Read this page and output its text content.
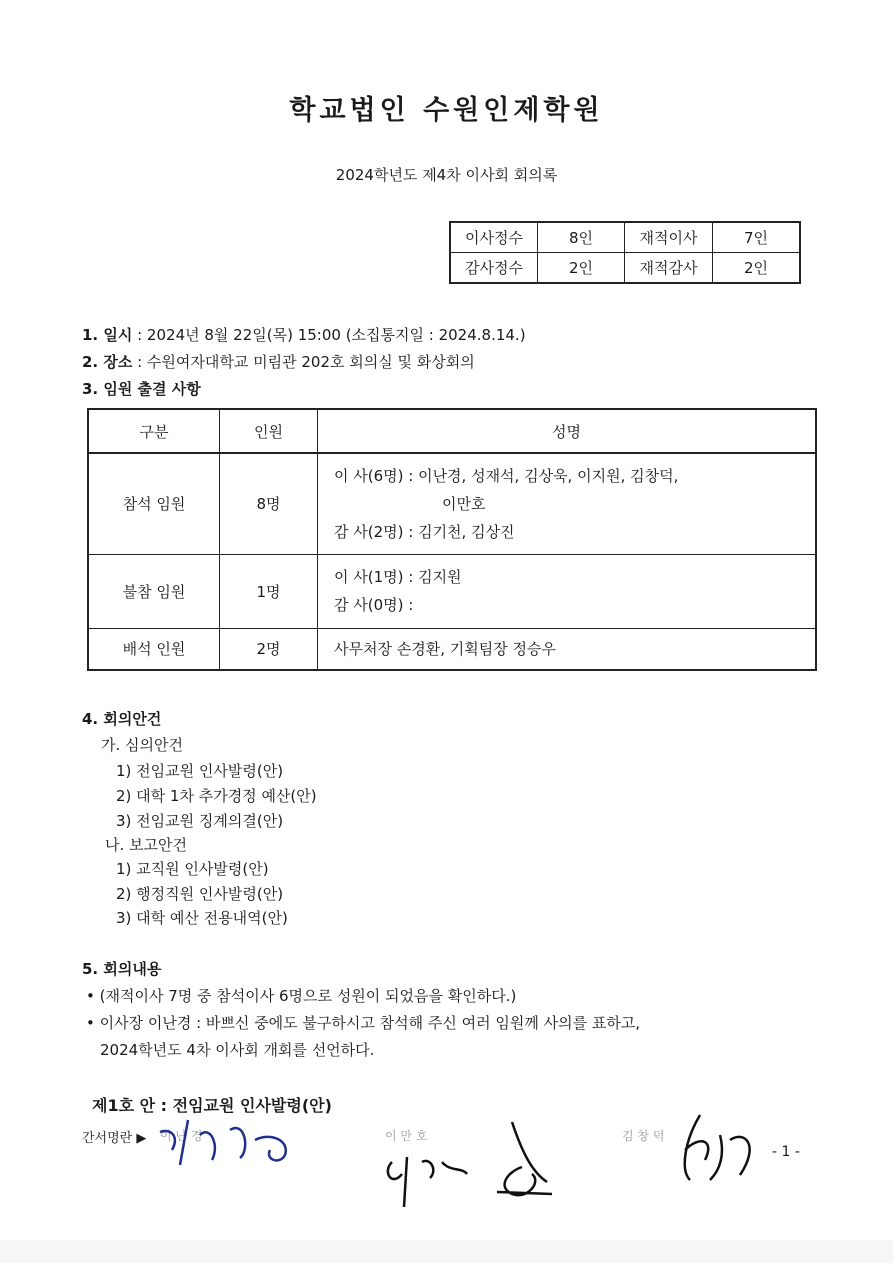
학교법인 수원인제학원
2024학년도 제4차 이사회 회의록
이사정수	8인	재적이사	7인
감사정수	2인	재적감사	2인
1. 일시 : 2024년 8월 22일(목) 15:00 (소집통지일 : 2024.8.14.)
2. 장소 : 수원여자대학교 미림관 202호 회의실 및 화상회의
3. 임원 출결 사항
구분	인원	성명
참석 임원	8명	이 사(6명) : 이난경, 성재석, 김상욱, 이지원, 김창덕,
이만호
감 사(2명) : 김기천, 김상진

불참 임원	1명	이 사(1명) : 김지원
감 사(0명) :

배석 인원	2명	사무처장 손경환, 기획팀장 정승우
4. 회의안건
가. 심의안건
1) 전임교원 인사발령(안)
2) 대학 1차 추가경정 예산(안)
3) 전임교원 징계의결(안)
나. 보고안건
1) 교직원 인사발령(안)
2) 행정직원 인사발령(안)
3) 대학 예산 전용내역(안)
5. 회의내용
• (재적이사 7명 중 참석이사 6명으로 성원이 되었음을 확인하다.)
• 이사장 이난경 : 바쁘신 중에도 불구하시고 참석해 주신 여러 임원께 사의를 표하고,
2024학년도 4차 이사회 개회를 선언하다.
제1호 안 : 전임교원 인사발령(안)
간서명란 ▶ 이 난 경	이 만 호	김 창 덕
- 1 -
